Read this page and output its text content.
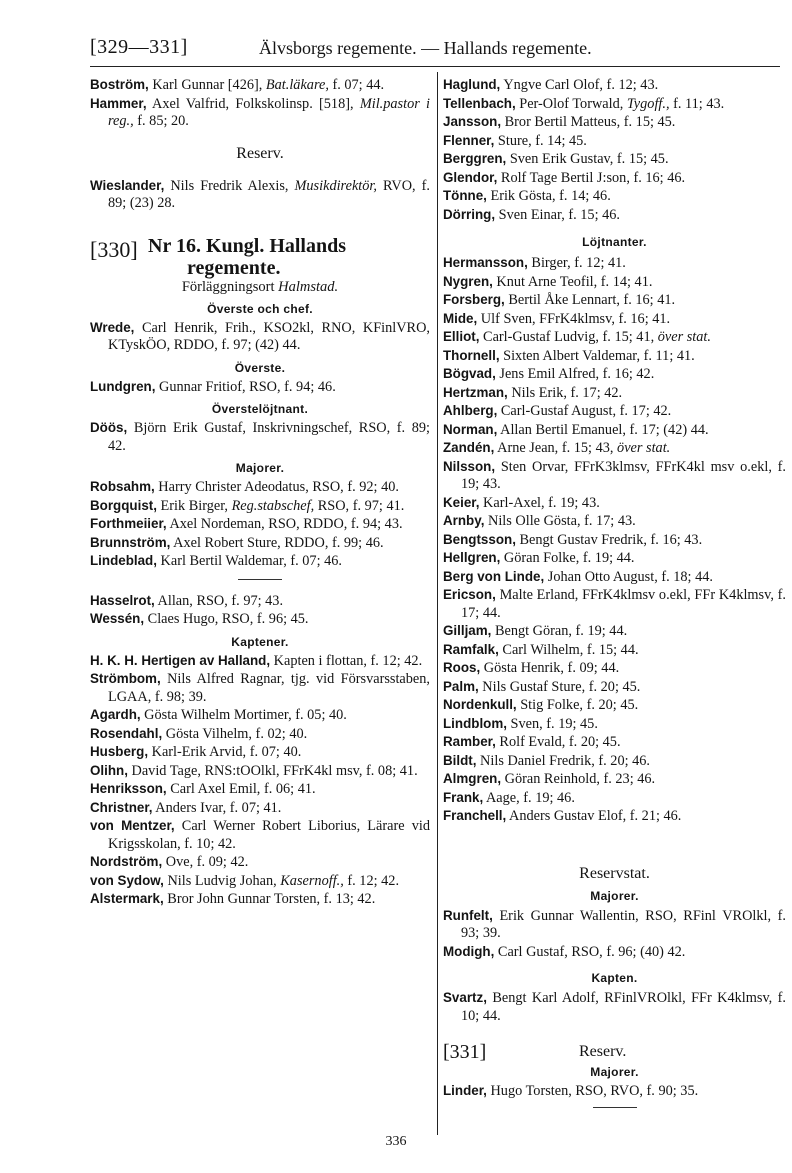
[329—331]	Älvsborgs regemente. — Hallands regemente.
Boström, Karl Gunnar [426], Bat.läkare, f. 07; 44.
Hammer, Axel Valfrid, Folkskolinsp. [518], Mil.pastor i reg., f. 85; 20.
Reserv.
Wieslander, Nils Fredrik Alexis, Musikdirektör, RVO, f. 89; (23) 28.
[330] Nr 16. Kungl. Hallands
regemente.
Förläggningsort Halmstad.
Överste och chef.
Wrede, Carl Henrik, Frih., KSO2kl, RNO, KFinlVRO, KTyskÖO, RDDO, f. 97; (42) 44.
Överste.
Lundgren, Gunnar Fritiof, RSO, f. 94; 46.
Överstelöjtnant.
Döös, Björn Erik Gustaf, Inskrivningschef, RSO, f. 89; 42.
Majorer.
Robsahm, Harry Christer Adeodatus, RSO, f. 92; 40.
Borgquist, Erik Birger, Reg.stabschef, RSO, f. 97; 41.
Forthmeiier, Axel Nordeman, RSO, RDDO, f. 94; 43.
Brunnström, Axel Robert Sture, RDDO, f. 99; 46.
Lindeblad, Karl Bertil Waldemar, f. 07; 46.
Hasselrot, Allan, RSO, f. 97; 43.
Wessén, Claes Hugo, RSO, f. 96; 45.
Kaptener.
H. K. H. Hertigen av Halland, Kapten i flottan, f. 12; 42.
Strömbom, Nils Alfred Ragnar, tjg. vid Försvarsstaben, LGAA, f. 98; 39.
Agardh, Gösta Wilhelm Mortimer, f. 05; 40.
Rosendahl, Gösta Vilhelm, f. 02; 40.
Husberg, Karl-Erik Arvid, f. 07; 40.
Olihn, David Tage, RNS:tOOlkl, FFrK4kl msv, f. 08; 41.
Henriksson, Carl Axel Emil, f. 06; 41.
Christner, Anders Ivar, f. 07; 41.
von Mentzer, Carl Werner Robert Liborius, Lärare vid Krigsskolan, f. 10; 42.
Nordström, Ove, f. 09; 42.
von Sydow, Nils Ludvig Johan, Kasernoff., f. 12; 42.
Alstermark, Bror John Gunnar Torsten, f. 13; 42.
Haglund, Yngve Carl Olof, f. 12; 43.
Tellenbach, Per-Olof Torwald, Tygoff., f. 11; 43.
Jansson, Bror Bertil Matteus, f. 15; 45.
Flenner, Sture, f. 14; 45.
Berggren, Sven Erik Gustav, f. 15; 45.
Glendor, Rolf Tage Bertil J:son, f. 16; 46.
Tönne, Erik Gösta, f. 14; 46.
Dörring, Sven Einar, f. 15; 46.
Löjtnanter.
Hermansson, Birger, f. 12; 41.
Nygren, Knut Arne Teofil, f. 14; 41.
Forsberg, Bertil Åke Lennart, f. 16; 41.
Mide, Ulf Sven, FFrK4klmsv, f. 16; 41.
Elliot, Carl-Gustaf Ludvig, f. 15; 41, över stat.
Thornell, Sixten Albert Valdemar, f. 11; 41.
Bögvad, Jens Emil Alfred, f. 16; 42.
Hertzman, Nils Erik, f. 17; 42.
Ahlberg, Carl-Gustaf August, f. 17; 42.
Norman, Allan Bertil Emanuel, f. 17; (42) 44.
Zandén, Arne Jean, f. 15; 43, över stat.
Nilsson, Sten Orvar, FFrK3klmsv, FFrK4kl msv o.ekl, f. 19; 43.
Keier, Karl-Axel, f. 19; 43.
Arnby, Nils Olle Gösta, f. 17; 43.
Bengtsson, Bengt Gustav Fredrik, f. 16; 43.
Hellgren, Göran Folke, f. 19; 44.
Berg von Linde, Johan Otto August, f. 18; 44.
Ericson, Malte Erland, FFrK4klmsv o.ekl, FFr K4klmsv, f. 17; 44.
Gilljam, Bengt Göran, f. 19; 44.
Ramfalk, Carl Wilhelm, f. 15; 44.
Roos, Gösta Henrik, f. 09; 44.
Palm, Nils Gustaf Sture, f. 20; 45.
Nordenkull, Stig Folke, f. 20; 45.
Lindblom, Sven, f. 19; 45.
Ramber, Rolf Evald, f. 20; 45.
Bildt, Nils Daniel Fredrik, f. 20; 46.
Almgren, Göran Reinhold, f. 23; 46.
Frank, Aage, f. 19; 46.
Franchell, Anders Gustav Elof, f. 21; 46.
Reservstat.
Majorer.
Runfelt, Erik Gunnar Wallentin, RSO, RFinl VROlkl, f. 93; 39.
Modigh, Carl Gustaf, RSO, f. 96; (40) 42.
Kapten.
Svartz, Bengt Karl Adolf, RFinlVROlkl, FFr K4klmsv, f. 10; 44.
[331]	Reserv.
Majorer.
Linder, Hugo Torsten, RSO, RVO, f. 90; 35.
336
